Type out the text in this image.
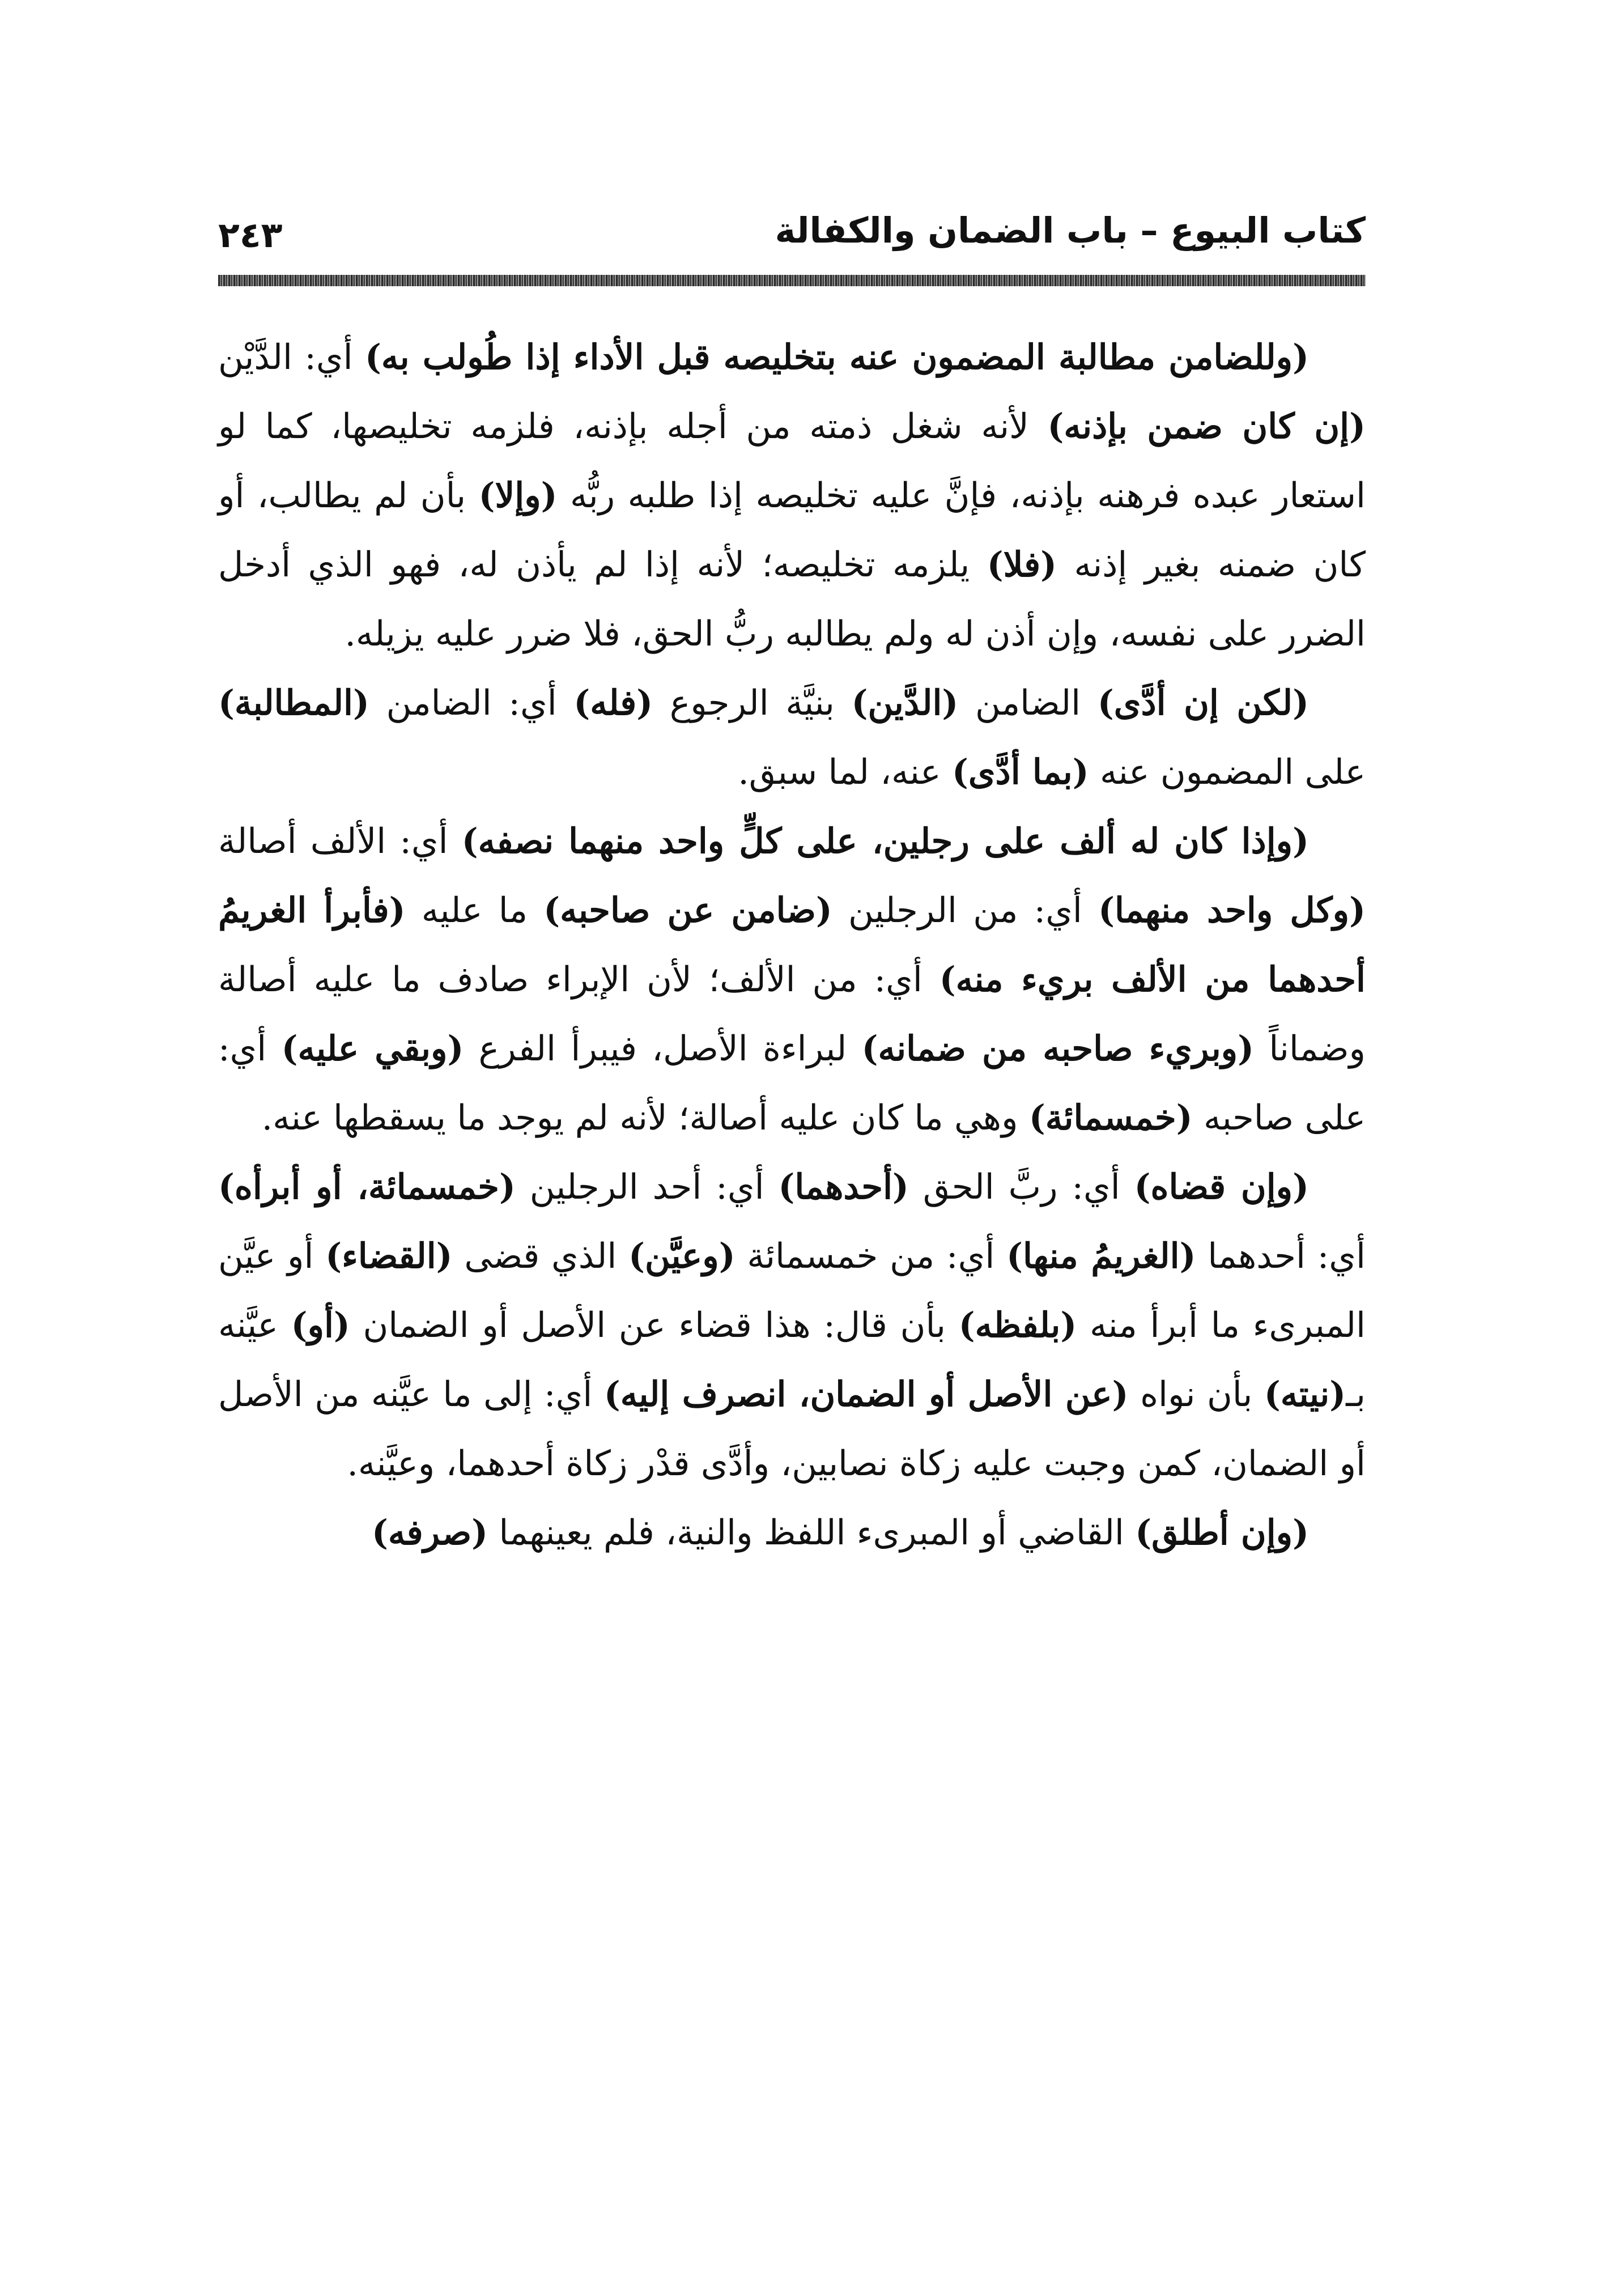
كتاب البيوع – باب الضمان والكفالة
٢٤٣

(وللضامن مطالبة المضمون عنه بتخليصه قبل الأداء إذا طُولب به) أي: الدَّيْن (إن كان ضمن بإذنه) لأنه شغل ذمته من أجله بإذنه، فلزمه تخليصها، كما لو استعار عبده فرهنه بإذنه، فإنَّ عليه تخليصه إذا طلبه ربُّه (وإلا) بأن لم يطالب، أو كان ضمنه بغير إذنه (فلا) يلزمه تخليصه؛ لأنه إذا لم يأذن له، فهو الذي أدخل الضرر على نفسه، وإن أذن له ولم يطالبه ربُّ الحق، فلا ضرر عليه يزيله.

(لكن إن أدَّى) الضامن (الدَّين) بنيَّة الرجوع (فله) أي: الضامن (المطالبة) على المضمون عنه (بما أدَّى) عنه، لما سبق.

(وإذا كان له ألف على رجلين، على كلٍّ واحد منهما نصفه) أي: الألف أصالة (وكل واحد منهما) أي: من الرجلين (ضامن عن صاحبه) ما عليه (فأبرأ الغريمُ أحدهما من الألف بريء منه) أي: من الألف؛ لأن الإبراء صادف ما عليه أصالة وضماناً (وبريء صاحبه من ضمانه) لبراءة الأصل، فيبرأ الفرع (وبقي عليه) أي: على صاحبه (خمسمائة) وهي ما كان عليه أصالة؛ لأنه لم يوجد ما يسقطها عنه.

(وإن قضاه) أي: ربَّ الحق (أحدهما) أي: أحد الرجلين (خمسمائة، أو أبرأه) أي: أحدهما (الغريمُ منها) أي: من خمسمائة (وعيَّن) الذي قضى (القضاء) أو عيَّن المبرىء ما أبرأ منه (بلفظه) بأن قال: هذا قضاء عن الأصل أو الضمان (أو) عيَّنه بـ(نيته) بأن نواه (عن الأصل أو الضمان، انصرف إليه) أي: إلى ما عيَّنه من الأصل أو الضمان، كمن وجبت عليه زكاة نصابين، وأدَّى قدْر زكاة أحدهما، وعيَّنه.

(وإن أطلق) القاضي أو المبرىء اللفظ والنية، فلم يعينهما (صرفه)
